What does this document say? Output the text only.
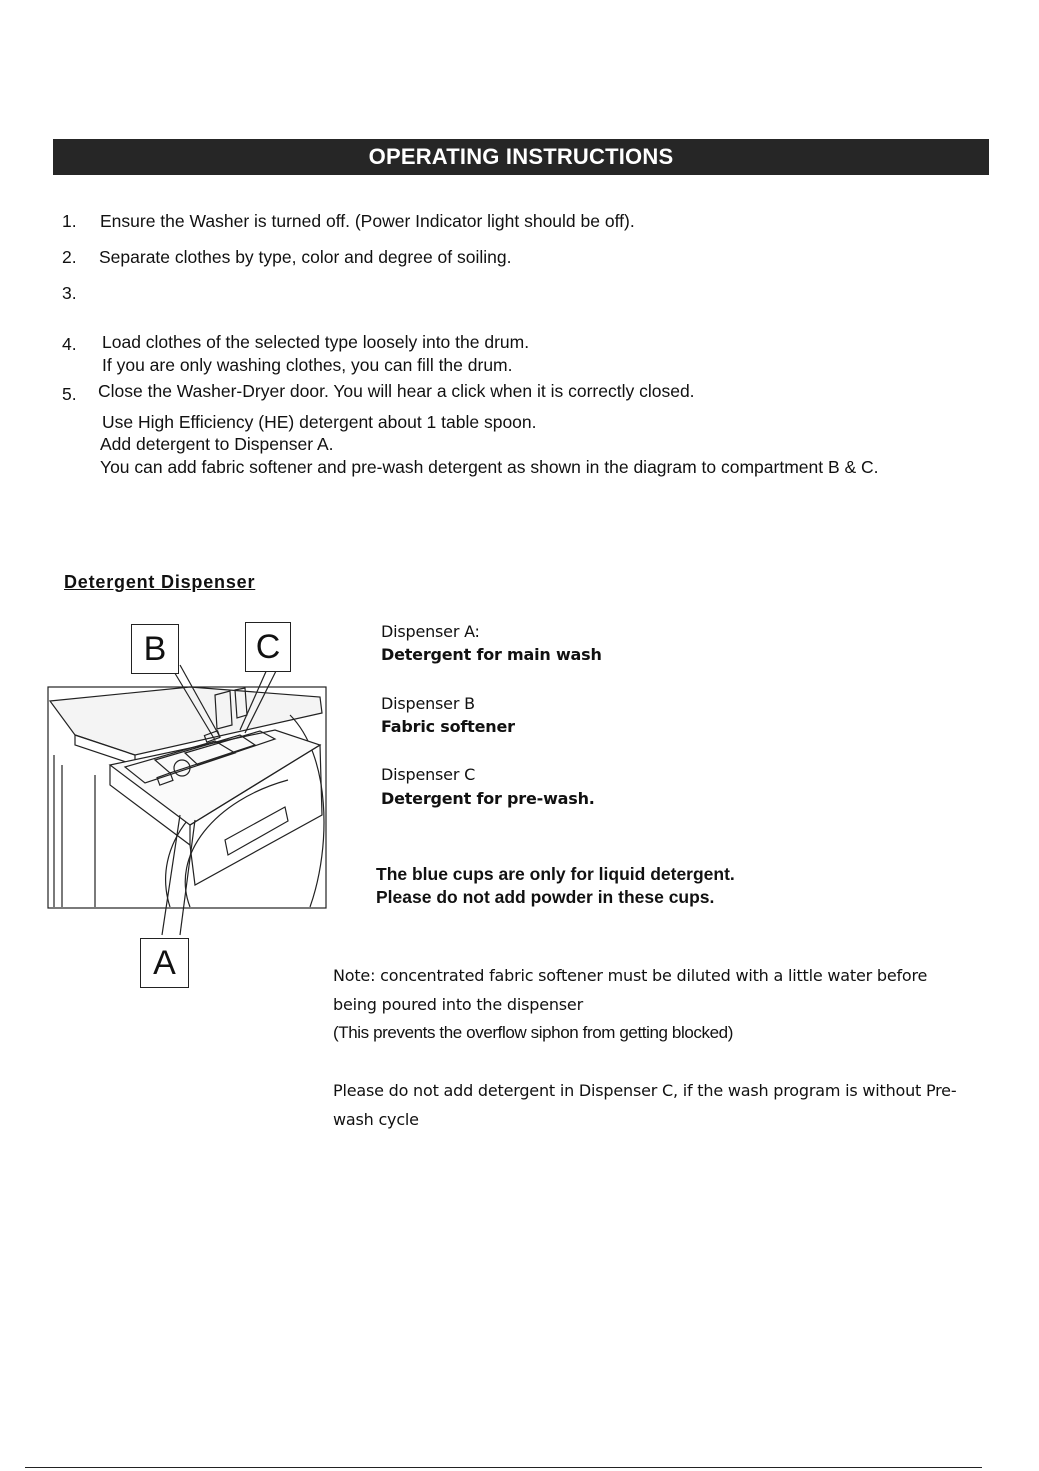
OPERATING INSTRUCTIONS
1. Ensure the Washer is turned off. (Power Indicator light should be off).
2. Separate clothes by type, color and degree of soiling.
3.
4. Load clothes of the selected type loosely into the drum.
If you are only washing clothes, you can fill the drum.
5. Close the Washer-Dryer door. You will hear a click when it is correctly closed.
Use High Efficiency (HE) detergent about 1 table spoon.
Add detergent to Dispenser A.
You can add fabric softener and pre-wash detergent as shown in the diagram to compartment B & C.
Detergent Dispenser
B	C
A
Dispenser A:
Detergent for main wash
Dispenser B
Fabric softener
Dispenser C
Detergent for pre-wash.
The blue cups are only for liquid detergent.
Please do not add powder in these cups.
Note: concentrated fabric softener must be diluted with a little water before
being poured into the dispenser
(This prevents the overflow siphon from getting blocked)
Please do not add detergent in Dispenser C, if the wash program is without Pre-
wash cycle
